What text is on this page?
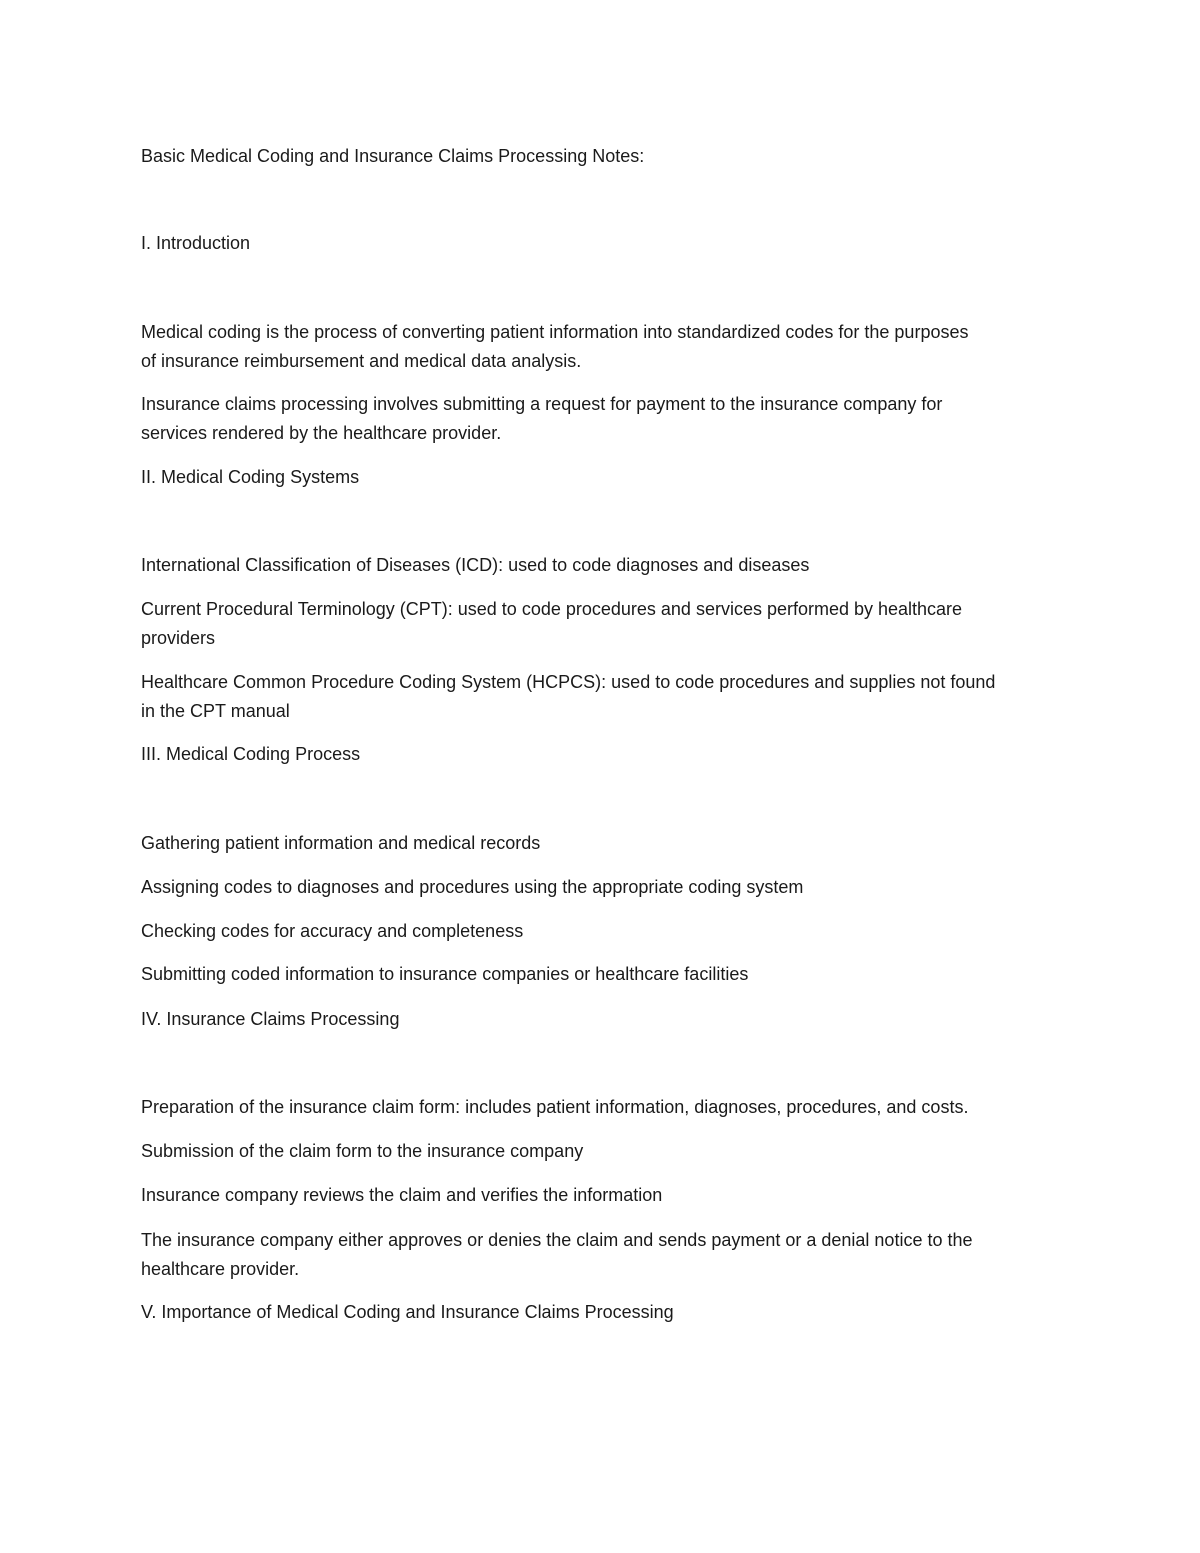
Basic Medical Coding and Insurance Claims Processing Notes:

I. Introduction

Medical coding is the process of converting patient information into standardized codes for the purposes
of insurance reimbursement and medical data analysis.
Insurance claims processing involves submitting a request for payment to the insurance company for
services rendered by the healthcare provider.

II. Medical Coding Systems

International Classification of Diseases (ICD): used to code diagnoses and diseases
Current Procedural Terminology (CPT): used to code procedures and services performed by healthcare
providers
Healthcare Common Procedure Coding System (HCPCS): used to code procedures and supplies not found
in the CPT manual

III. Medical Coding Process

Gathering patient information and medical records
Assigning codes to diagnoses and procedures using the appropriate coding system
Checking codes for accuracy and completeness
Submitting coded information to insurance companies or healthcare facilities

IV. Insurance Claims Processing

Preparation of the insurance claim form: includes patient information, diagnoses, procedures, and costs.
Submission of the claim form to the insurance company
Insurance company reviews the claim and verifies the information
The insurance company either approves or denies the claim and sends payment or a denial notice to the
healthcare provider.

V. Importance of Medical Coding and Insurance Claims Processing
